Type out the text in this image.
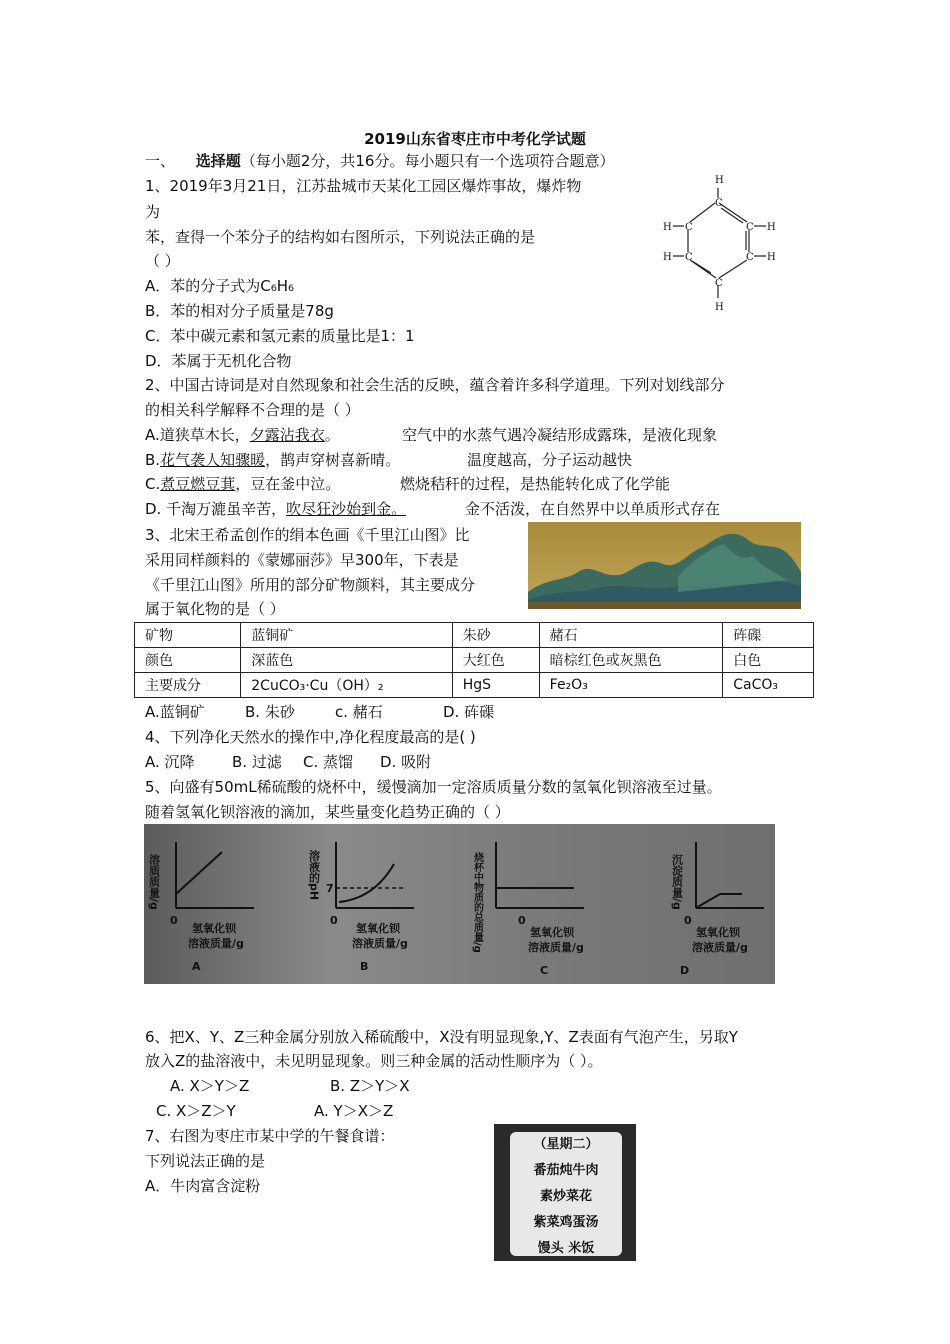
2019山东省枣庄市中考化学试题
一、 选择题（每小题2分，共16分。每小题只有一个选项符合题意）
1、2019年3月21日，江苏盐城市天某化工园区爆炸事故，爆炸物
为
苯，查得一个苯分子的结构如右图所示，下列说法正确的是
（ ）
A．苯的分子式为C₆H₆
B．苯的相对分子质量是78g
C．苯中碳元素和氢元素的质量比是1：1
D．苯属于无机化合物
H
C
C
C
C
C
C
H
H
H
H
H
2、中国古诗词是对自然现象和社会生活的反映，蕴含着许多科学道理。下列对划线部分
的相关科学解释不合理的是（ ）
A.道狭草木长，夕露沾我衣。	空气中的水蒸气遇冷凝结形成露珠，是液化现象
B.花气袭人知骤暖，鹊声穿树喜新晴。	温度越高，分子运动越快
C.煮豆燃豆萁，豆在釜中泣。	燃烧秸秆的过程，是热能转化成了化学能
D. 千淘万漉虽辛苦，吹尽狂沙始到金。	金不活泼，在自然界中以单质形式存在
3、北宋王希孟创作的绢本色画《千里江山图》比
采用同样颜料的《蒙娜丽莎》早300年，下表是
《千里江山图》所用的部分矿物颜料，其主要成分
属于氧化物的是（ ）
矿物	蓝铜矿	朱砂	赭石	砗磲
颜色	深蓝色	大红色	暗棕红色或灰黑色	白色
主要成分	2CuCO₃·Cu（OH）₂	HgS	Fe₂O₃	CaCO₃
A.蓝铜矿	B. 朱砂	c. 赭石	D. 砗磲
4、下列净化天然水的操作中,净化程度最高的是( )
A. 沉降 B. 过滤 C. 蒸馏 D. 吸附
5、向盛有50mL稀硫酸的烧杯中，缓慢滴加一定溶质质量分数的氢氧化钡溶液至过量。
随着氢氧化钡溶液的滴加，某些量变化趋势正确的（ ）
溶质质量/g
0
氢氧化钡
溶液质量/g
A
溶液的pH 7
0
氢氧化钡
溶液质量/g
B
烧杯中物质的总质量/g	0
氢氧化钡
溶液质量/g
C
沉淀质量/g
0
氢氧化钡
溶液质量/g
D
6、把X、Y、Z三种金属分别放入稀硫酸中，X没有明显现象,Y、Z表面有气泡产生，另取Y
放入Z的盐溶液中，未见明显现象。则三种金属的活动性顺序为（ ）。
A. X＞Y＞Z	B. Z＞Y＞X
C. X＞Z＞Y	A. Y＞X＞Z
7、右图为枣庄市某中学的午餐食谱：
下列说法正确的是
A．牛肉富含淀粉
（星期二）
番茄炖牛肉
素炒菜花
紫菜鸡蛋汤
馒头 米饭
